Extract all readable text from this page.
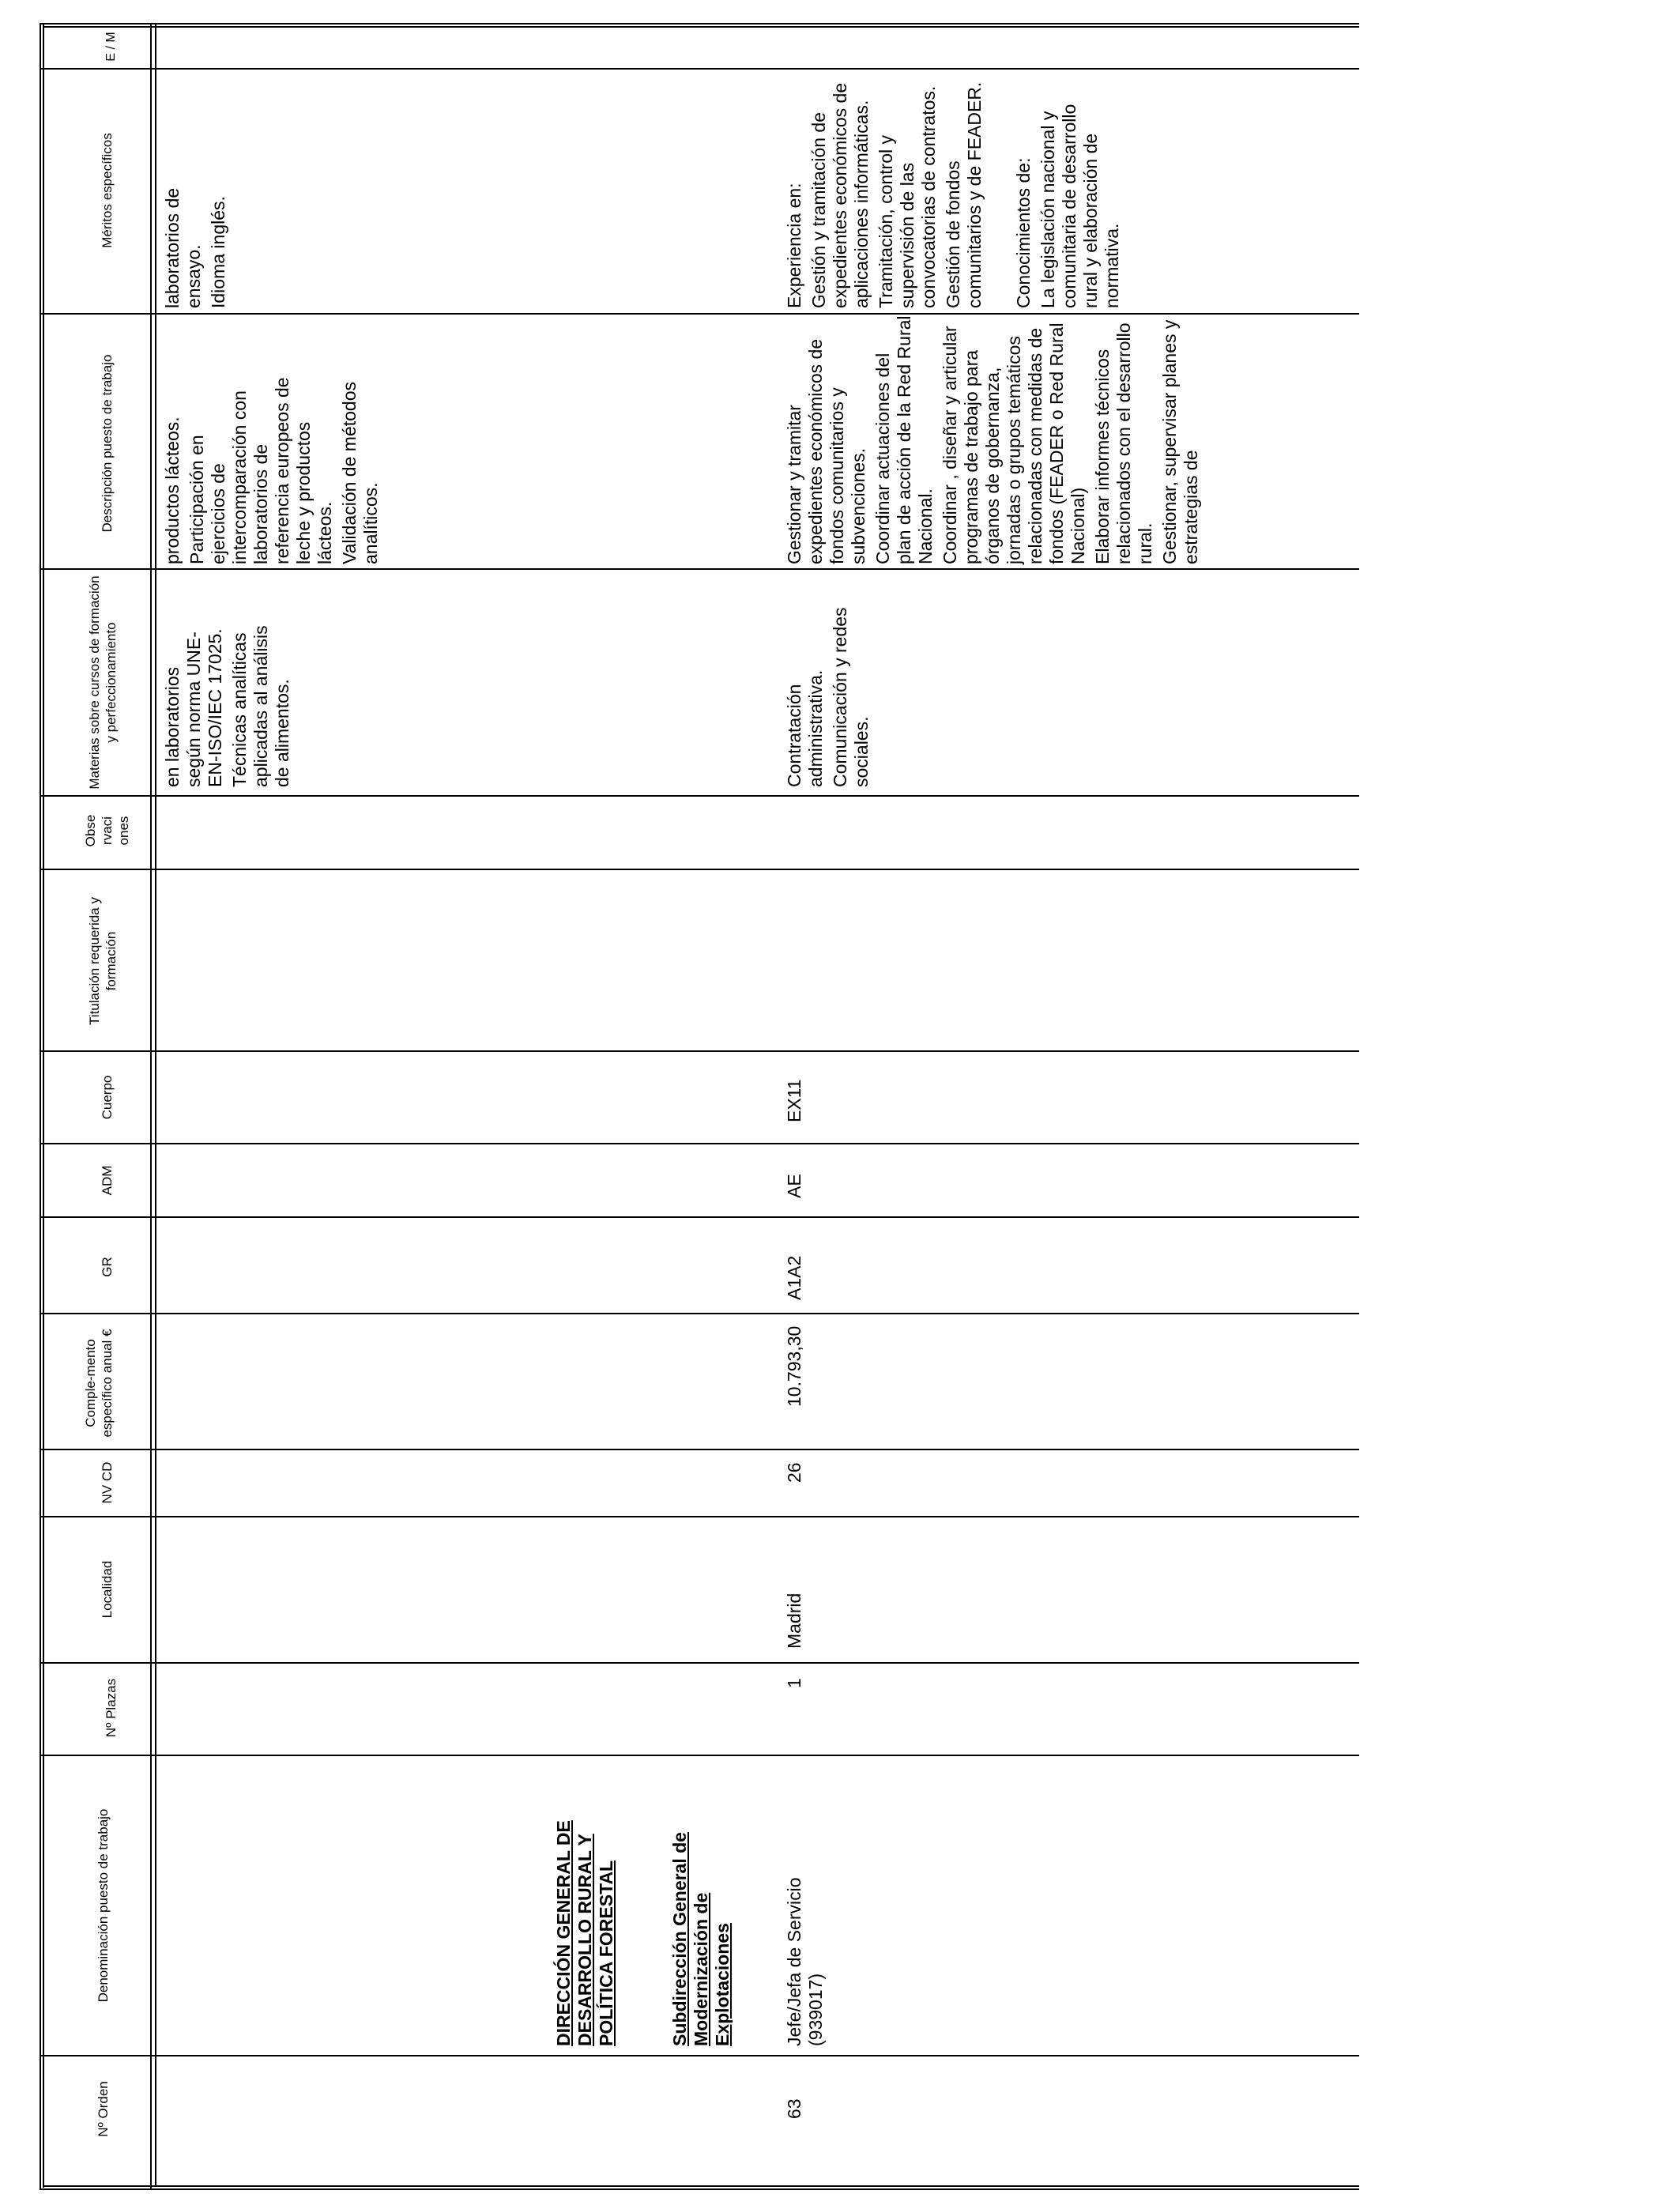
Nº Orden
Denominación puesto de trabajo
Nº Plazas
Localidad
NV CD
Comple-mento específico anual €
GR
ADM
Cuerpo
Titulación requerida y formación
Obse rvaci ones
Materias sobre cursos de formación y perfeccionamiento
Descripción puesto de trabajo
Méritos específicos
E / M

en laboratorios según norma UNE- EN-ISO/IEC 17025. Técnicas analíticas aplicadas al análisis de alimentos.

productos lácteos. Participación en ejercicios de intercomparación con laboratorios de referencia europeos de leche y productos lácteos. Validación de métodos analíticos.

laboratorios de ensayo. Idioma inglés.

DIRECCIÓN GENERAL DE DESARROLLO RURAL Y POLÍTICA FORESTAL	Subdirección General de Modernización de Explotaciones
63
Jefe/Jefa de Servicio (939017)
1
Madrid
26
10.793,30
A1A2
AE
EX11

Contratación administrativa. Comunicación y redes sociales.

Gestionar y tramitar expedientes económicos de fondos comunitarios y subvenciones. Coordinar actuaciones del plan de acción de la Red Rural Nacional. Coordinar , diseñar y articular programas de trabajo para órganos de gobernanza, jornadas o grupos temáticos relacionadas con medidas de fondos (FEADER o Red Rural Nacional) Elaborar informes técnicos relacionados con el desarrollo rural. Gestionar, supervisar planes y estrategias de

Experiencia en: Gestión y tramitación de expedientes económicos de aplicaciones informáticas. Tramitación, control y supervisión de las convocatorias de contratos. Gestión de fondos comunitarios y de FEADER. Conocimientos de: La legislación nacional y comunitaria de desarrollo rural y elaboración de normativa.
